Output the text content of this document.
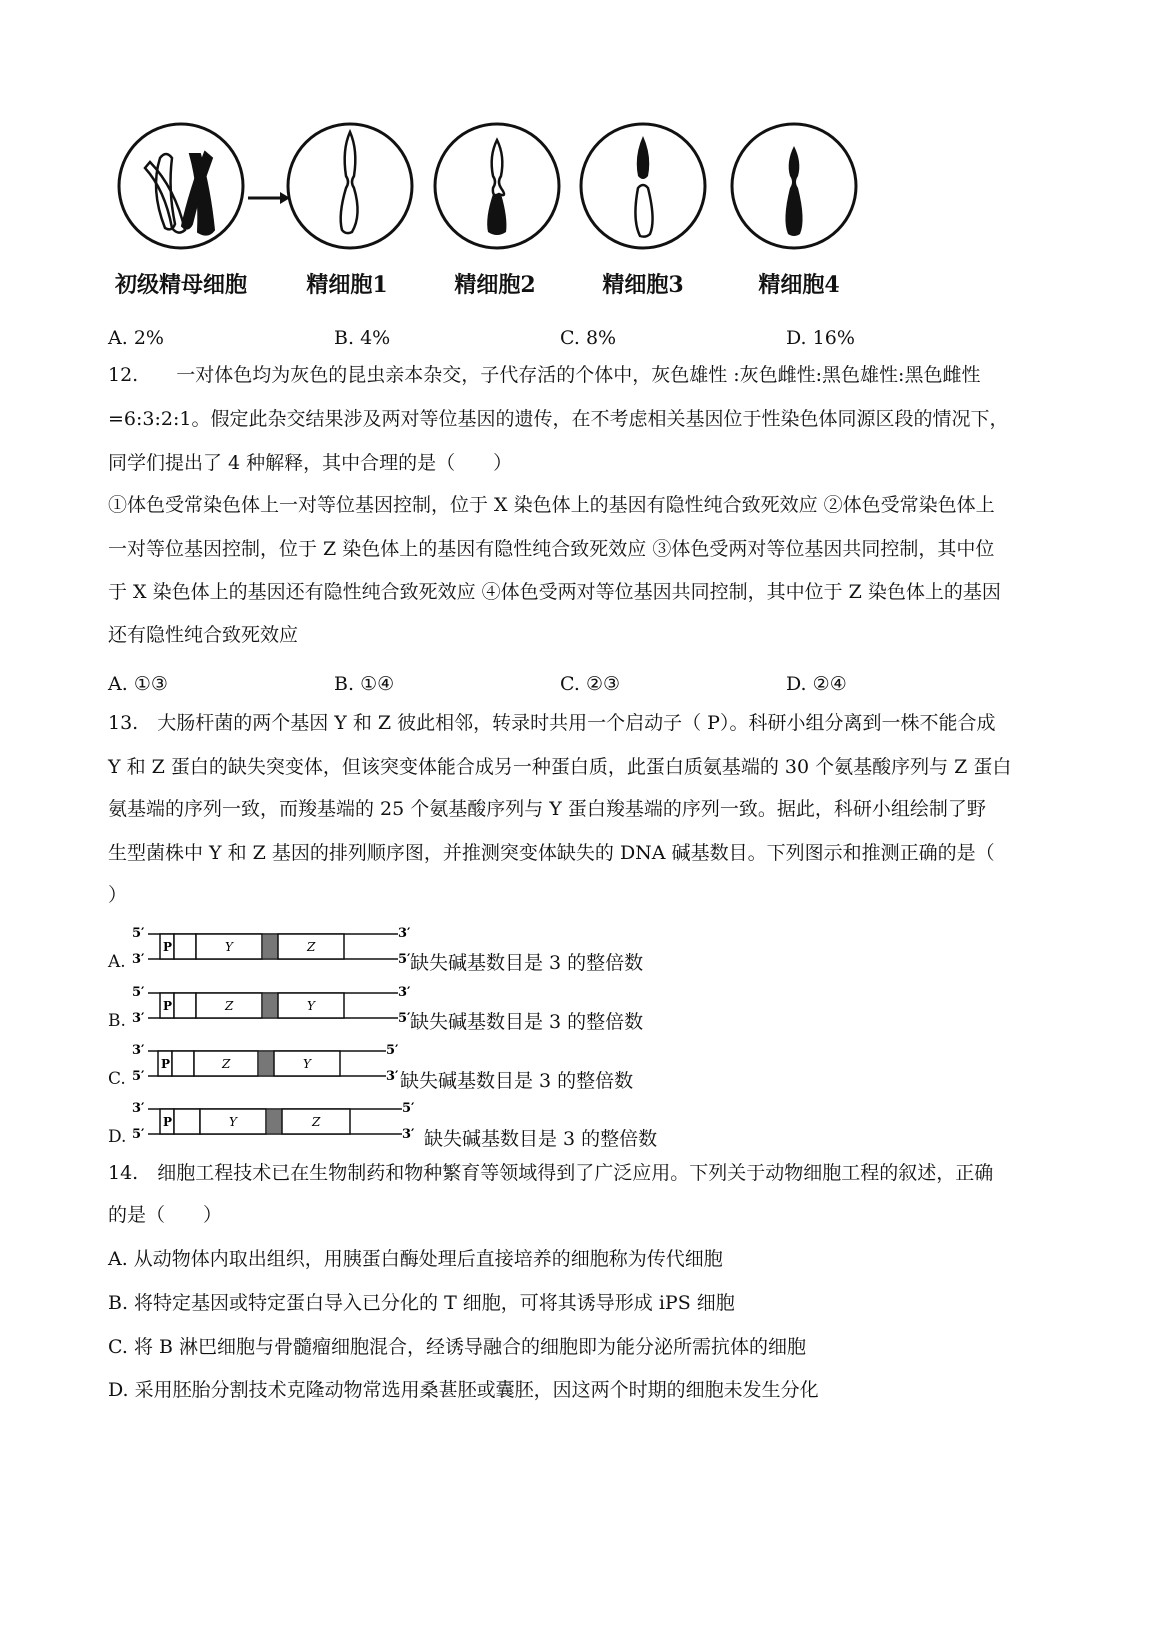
初级精母细胞	精细胞1	精细胞2	精细胞3	精细胞4
A. 2%	B. 4%	C. 8%	D. 16%
12.　　一对体色均为灰色的昆虫亲本杂交，子代存活的个体中，灰色雄性 :灰色雌性:黑色雄性:黑色雌性
=6:3:2:1。假定此杂交结果涉及两对等位基因的遗传，在不考虑相关基因位于性染色体同源区段的情况下，
同学们提出了 4 种解释，其中合理的是（　　）
①体色受常染色体上一对等位基因控制，位于 X 染色体上的基因有隐性纯合致死效应 ②体色受常染色体上
一对等位基因控制，位于 Z 染色体上的基因有隐性纯合致死效应 ③体色受两对等位基因共同控制，其中位
于 X 染色体上的基因还有隐性纯合致死效应 ④体色受两对等位基因共同控制，其中位于 Z 染色体上的基因
还有隐性纯合致死效应
A. ①③	B. ①④	C. ②③	D. ②④
13.　大肠杆菌的两个基因 Y 和 Z 彼此相邻，转录时共用一个启动子（ P）。科研小组分离到一株不能合成
Y 和 Z 蛋白的缺失突变体，但该突变体能合成另一种蛋白质，此蛋白质氨基端的 30 个氨基酸序列与 Z 蛋白
氨基端的序列一致，而羧基端的 25 个氨基酸序列与 Y 蛋白羧基端的序列一致。据此，科研小组绘制了野
生型菌株中 Y 和 Z 基因的排列顺序图，并推测突变体缺失的 DNA 碱基数目。下列图示和推测正确的是（
）
A.
5′
3′
P	Y	Z
3′
5′ 缺失碱基数目是 3 的整倍数
B.
5′
3′
P	Z	Y
3′
5′ 缺失碱基数目是 3 的整倍数
C.
3′
5′
P	Z	Y
5′
3′ 缺失碱基数目是 3 的整倍数
D.
3′
5′
P	Y	Z
5′
3′ 缺失碱基数目是 3 的整倍数
14.　细胞工程技术已在生物制药和物种繁育等领域得到了广泛应用。下列关于动物细胞工程的叙述，正确
的是（　　）
A. 从动物体内取出组织，用胰蛋白酶处理后直接培养的细胞称为传代细胞
B. 将特定基因或特定蛋白导入已分化的 T 细胞，可将其诱导形成 iPS 细胞
C. 将 B 淋巴细胞与骨髓瘤细胞混合，经诱导融合的细胞即为能分泌所需抗体的细胞
D. 采用胚胎分割技术克隆动物常选用桑葚胚或囊胚，因这两个时期的细胞未发生分化
